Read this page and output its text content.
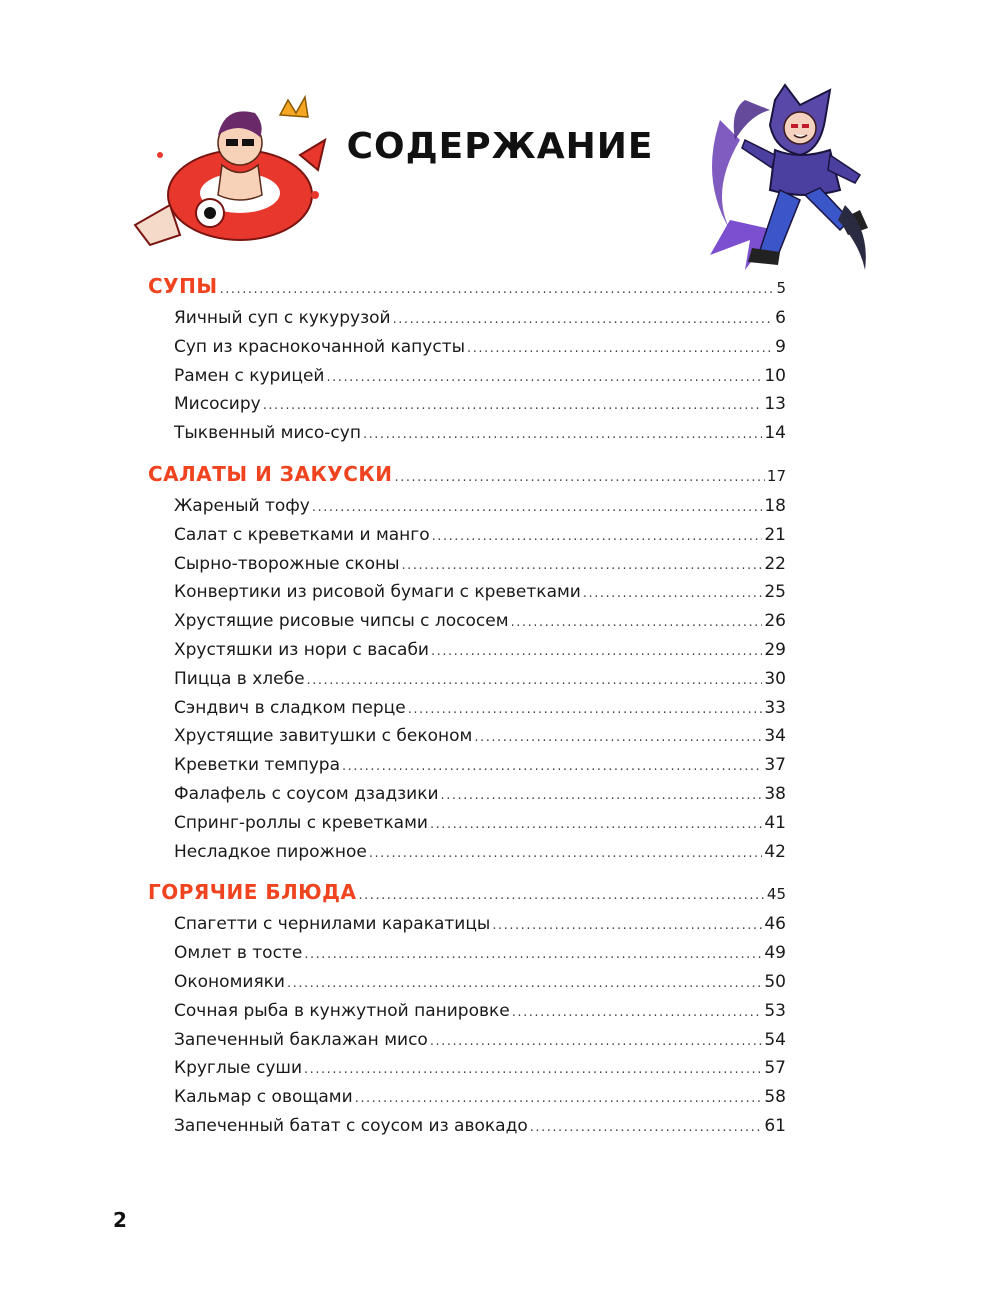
СОДЕРЖАНИЕ
СУПЫ . . .	5
Яичный суп с кукурузой . . .	6
Суп из краснокочанной капусты . . .	9
Рамен с курицей . . .	10
Мисосиру . . .	13
Тыквенный мисо-суп . . .	14
САЛАТЫ И ЗАКУСКИ . . .	17
Жареный тофу . . .	18
Салат с креветками и манго . . .	21
Сырно-творожные сконы . . .	22
Конвертики из рисовой бумаги с креветками . . .	25
Хрустящие рисовые чипсы с лососем . . .	26
Хрустяшки из нори с васаби . . .	29
Пицца в хлебе . . .	30
Сэндвич в сладком перце . . .	33
Хрустящие завитушки с беконом . . .	34
Креветки темпура . . .	37
Фалафель с соусом дзадзики . . .	38
Спринг-роллы с креветками . . .	41
Несладкое пирожное . . .	42
ГОРЯЧИЕ БЛЮДА . . .	45
Спагетти с чернилами каракатицы . . .	46
Омлет в тосте . . .	49
Окономияки . . .	50
Сочная рыба в кунжутной панировке . . .	53
Запеченный баклажан мисо . . .	54
Круглые суши . . .	57
Кальмар с овощами . . .	58
Запеченный батат с соусом из авокадо . . .	61
2
